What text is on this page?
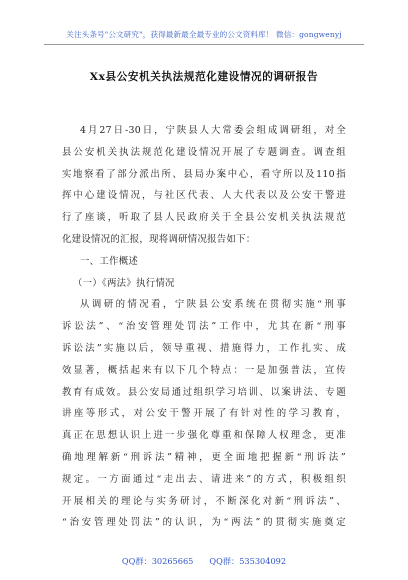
关注头条号"公文研究"，获得最新最全最专业的公文资料库！ 微信：gongwenyj
Xx县公安机关执法规范化建设情况的调研报告
4月27日-30日，宁陕县人大常委会组成调研组，对全
县公安机关执法规范化建设情况开展了专题调查。调查组
实地察看了部分派出所、县局办案中心，看守所以及110指
挥中心建设情况，与社区代表、人大代表以及公安干警进
行了座谈，听取了县人民政府关于全县公安机关执法规范
化建设情况的汇报，现将调研情况报告如下：
一、工作概述
（一）《两法》执行情况
从调研的情况看，宁陕县公安系统在贯彻实施“刑事
诉讼法”、“治安管理处罚法”工作中，尤其在新“刑事
诉讼法”实施以后，领导重视、措施得力，工作扎实、成
效显著，概括起来有以下几个特点：一是加强普法，宣传
教育有成效。县公安局通过组织学习培训、以案讲法、专题
讲座等形式，对公安干警开展了有针对性的学习教育，
真正在思想认识上进一步强化尊重和保障人权理念，更准
确地理解新“刑诉法”精神，更全面地把握新“刑诉法”
规定。一方面通过“走出去、请进来”的方式，积极组织
开展相关的理论与实务研讨，不断深化对新“刑诉法”、
“治安管理处罚法”的认识，为“两法”的贯彻实施奠定
QQ群：30265665 QQ群：535304092
